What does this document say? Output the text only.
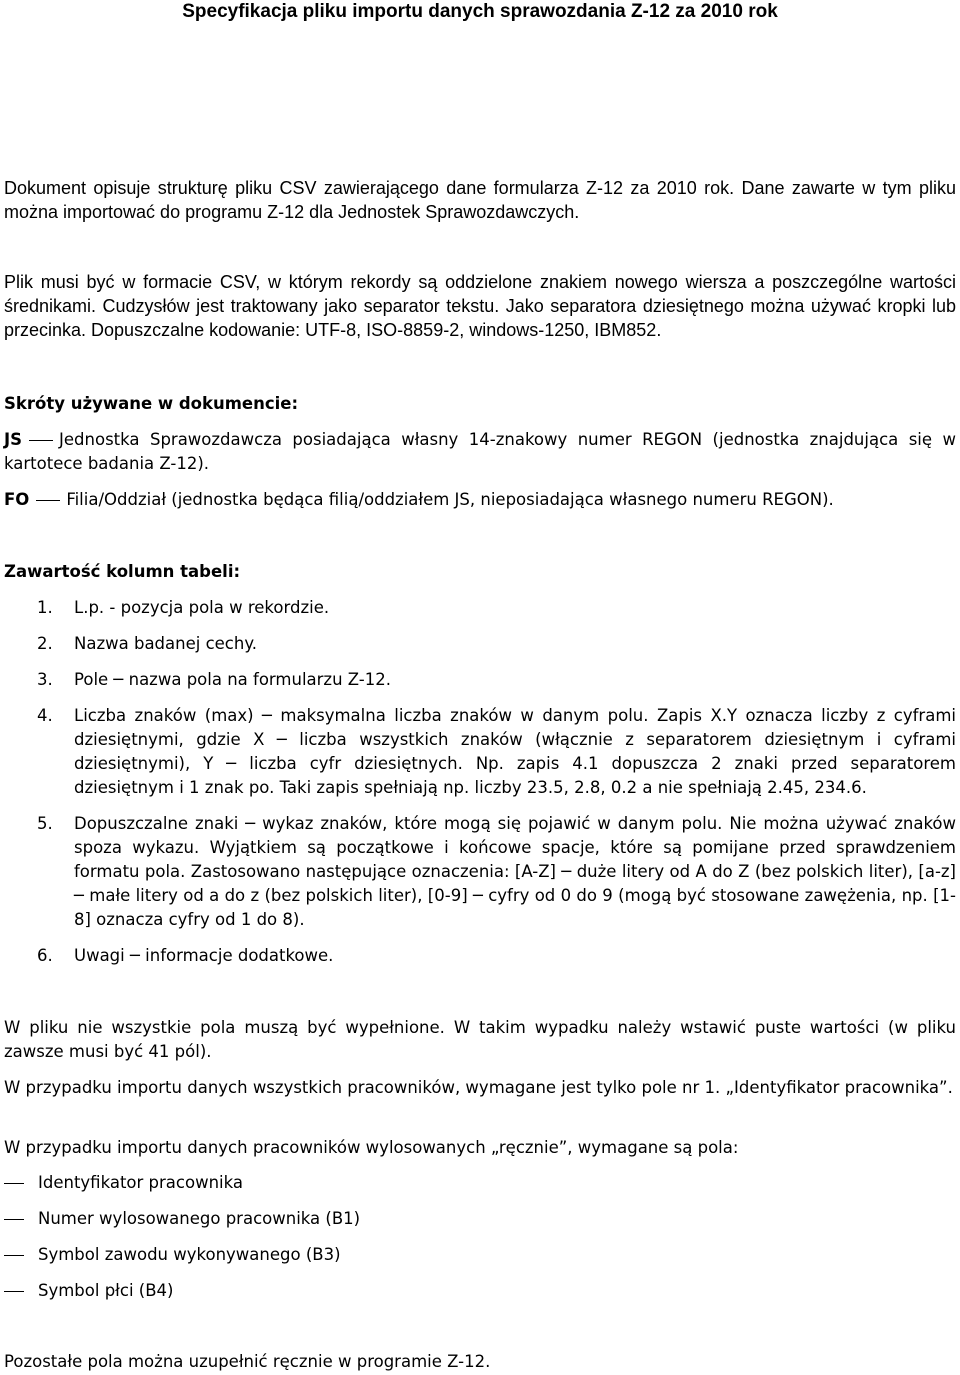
Specyfikacja pliku importu danych sprawozdania Z-12 za 2010 rok

Dokument opisuje strukturę pliku CSV zawierającego dane formularza Z-12 za 2010 rok. Dane zawarte w tym pliku można importować do programu Z-12 dla Jednostek Sprawozdawczych.

Plik musi być w formacie CSV, w którym rekordy są oddzielone znakiem nowego wiersza a poszczególne wartości średnikami. Cudzysłów jest traktowany jako separator tekstu. Jako separatora dziesiętnego można używać kropki lub przecinka. Dopuszczalne kodowanie: UTF-8, ISO-8859-2, windows-1250, IBM852.

Skróty używane w dokumencie:
JS Jednostka Sprawozdawcza posiadająca własny 14-znakowy numer REGON (jednostka znajdująca się w kartotece badania Z-12).
FO Filia/Oddział (jednostka będąca filią/oddziałem JS, nieposiadająca własnego numeru REGON).
Zawartość kolumn tabeli:
1. L.p. - pozycja pola w rekordzie.
2. Nazwa badanej cechy.
3. Pole ─ nazwa pola na formularzu Z-12.
4. Liczba znaków (max) ─ maksymalna liczba znaków w danym polu. Zapis X.Y oznacza liczby z cyframi dziesiętnymi, gdzie X ─ liczba wszystkich znaków (włącznie z separatorem dziesiętnym i cyframi dziesiętnymi), Y ─ liczba cyfr dziesiętnych. Np. zapis 4.1 dopuszcza 2 znaki przed separatorem dziesiętnym i 1 znak po. Taki zapis spełniają np. liczby 23.5, 2.8, 0.2 a nie spełniają 2.45, 234.6.
5. Dopuszczalne znaki ─ wykaz znaków, które mogą się pojawić w danym polu. Nie można używać znaków spoza wykazu. Wyjątkiem są początkowe i końcowe spacje, które są pomijane przed sprawdzeniem formatu pola. Zastosowano następujące oznaczenia: [A-Z] ─ duże litery od A do Z (bez polskich liter), [a-z] ─ małe litery od a do z (bez polskich liter), [0-9] ─ cyfry od 0 do 9 (mogą być stosowane zawężenia, np. [1-8] oznacza cyfry od 1 do 8).
6. Uwagi ─ informacje dodatkowe.

W pliku nie wszystkie pola muszą być wypełnione. W takim wypadku należy wstawić puste wartości (w pliku zawsze musi być 41 pól).

W przypadku importu danych wszystkich pracowników, wymagane jest tylko pole nr 1. „Identyfikator pracownika”.

W przypadku importu danych pracowników wylosowanych „ręcznie”, wymagane są pola:

Identyfikator pracownika
Numer wylosowanego pracownika (B1)
Symbol zawodu wykonywanego (B3)
Symbol płci (B4)

Pozostałe pola można uzupełnić ręcznie w programie Z-12.
